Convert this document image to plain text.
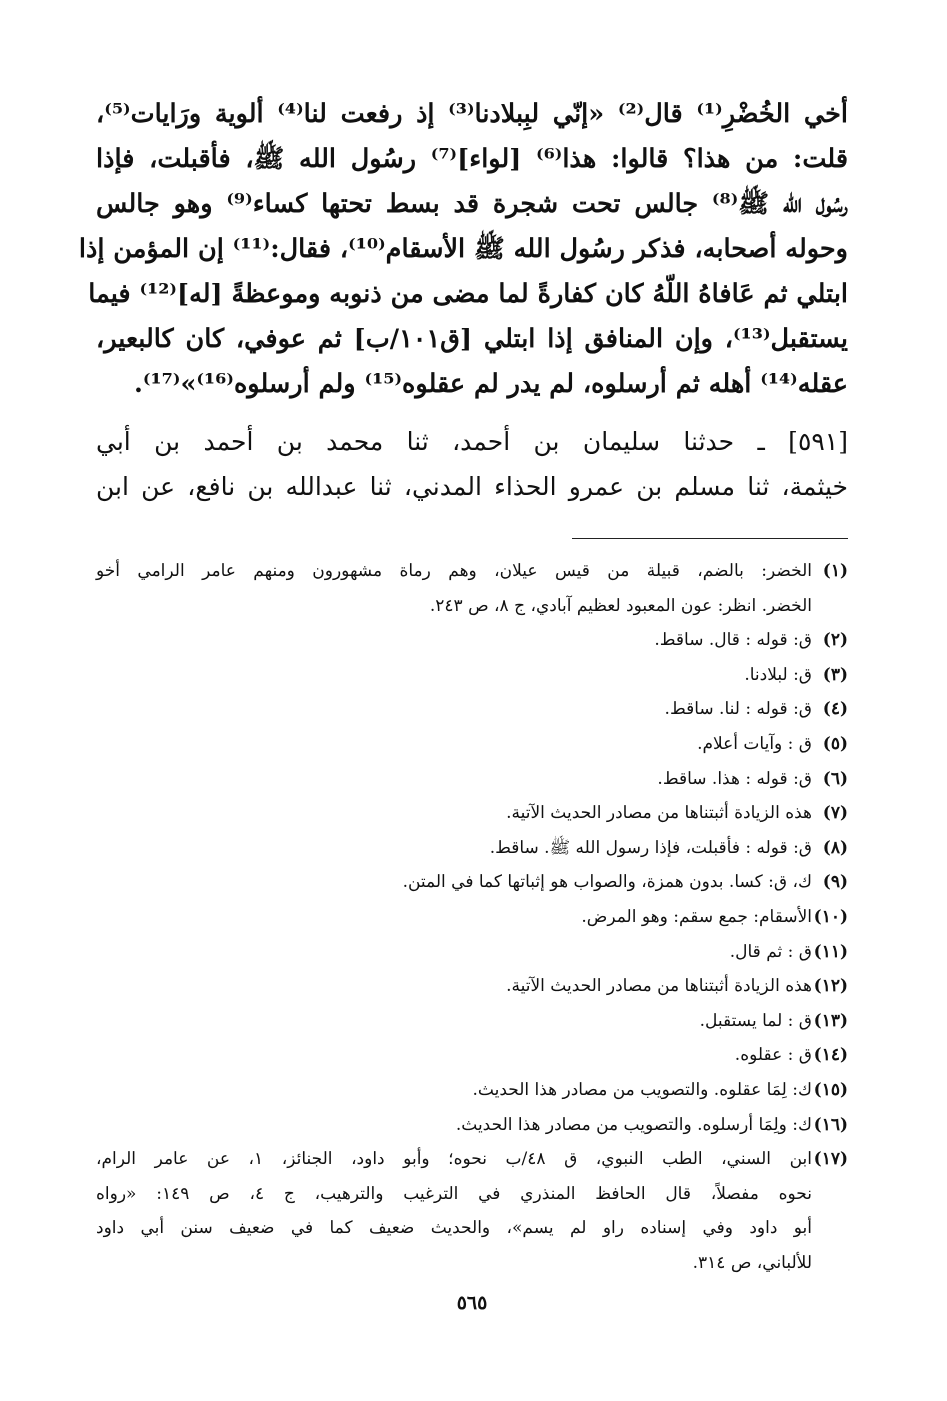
أخي الخُضْرِ⁽¹⁾ قال⁽²⁾ «إنّي لبِبلادنا⁽³⁾ إذ رفعت لنا⁽⁴⁾ ألوية ورَايات⁽⁵⁾،
قلت: من هذا؟ قالوا: هذا⁽⁶⁾ [لواء]⁽⁷⁾ رسُول الله ﷺ، فأقبلت، فإذا
رسُول الله ﷺ⁽⁸⁾ جالس تحت شجرة قد بسط تحتها كساء⁽⁹⁾ وهو جالس
وحوله أصحابه، فذكر رسُول الله ﷺ الأسقام⁽¹⁰⁾، فقال:⁽¹¹⁾ إن المؤمن إذا
ابتلي ثم عَافاهُ اللّهُ كان كفارةً لما مضى من ذنوبه وموعظةً [له]⁽¹²⁾ فيما
يستقبل⁽¹³⁾، وإن المنافق إذا ابتلي [ق١٠١/ب] ثم عوفي، كان كالبعير،
عقله⁽¹⁴⁾ أهله ثم أرسلوه، لم يدر لم عقلوه⁽¹⁵⁾ ولم أرسلوه⁽¹⁶⁾»⁽¹⁷⁾.
[٥٩١] ـ حدثنا سليمان بن أحمد، ثنا محمد بن أحمد بن أبي
خيثمة، ثنا مسلم بن عمرو الحذاء المدني، ثنا عبدالله بن نافع، عن ابن
(١)
الخضر: بالضم، قبيلة من قيس عيلان، وهم رماة مشهورون ومنهم عامر الرامي أخو
الخضر. انظر: عون المعبود لعظيم آبادي، ج ٨، ص ٢٤٣.
(٢)
ق: قوله : قال. ساقط.
(٣)
ق: لبلادنا.
(٤)
ق: قوله : لنا. ساقط.
(٥)
ق : وآيات أعلام.
(٦)
ق: قوله : هذا. ساقط.
(٧)
هذه الزيادة أثبتناها من مصادر الحديث الآتية.
(٨)
ق: قوله : فأقبلت، فإذا رسول الله ﷺ. ساقط.
(٩)
ك، ق: كسا. بدون همزة، والصواب هو إثباتها كما في المتن.
(١٠)
الأسقام: جمع سقم: وهو المرض.
(١١)
ق : ثم قال.
(١٢)
هذه الزيادة أثبتناها من مصادر الحديث الآتية.
(١٣)
ق : لما يستقبل.
(١٤)
ق : عقلوه.
(١٥)
ك: لِمَا عقلوه. والتصويب من مصادر هذا الحديث.
(١٦)
ك: ولِمَا أرسلوه. والتصويب من مصادر هذا الحديث.
(١٧)
ابن السني، الطب النبوي، ق ٤٨/ب نحوه؛ وأبو داود، الجنائز، ١، عن عامر الرام،
نحوه مفصلاً، قال الحافظ المنذري في الترغيب والترهيب، ج ٤، ص ١٤٩: «رواه
أبو داود وفي إسناده راو لم يسم»، والحديث ضعيف كما في ضعيف سنن أبي داود
للألباني، ص ٣١٤.
٥٦٥
